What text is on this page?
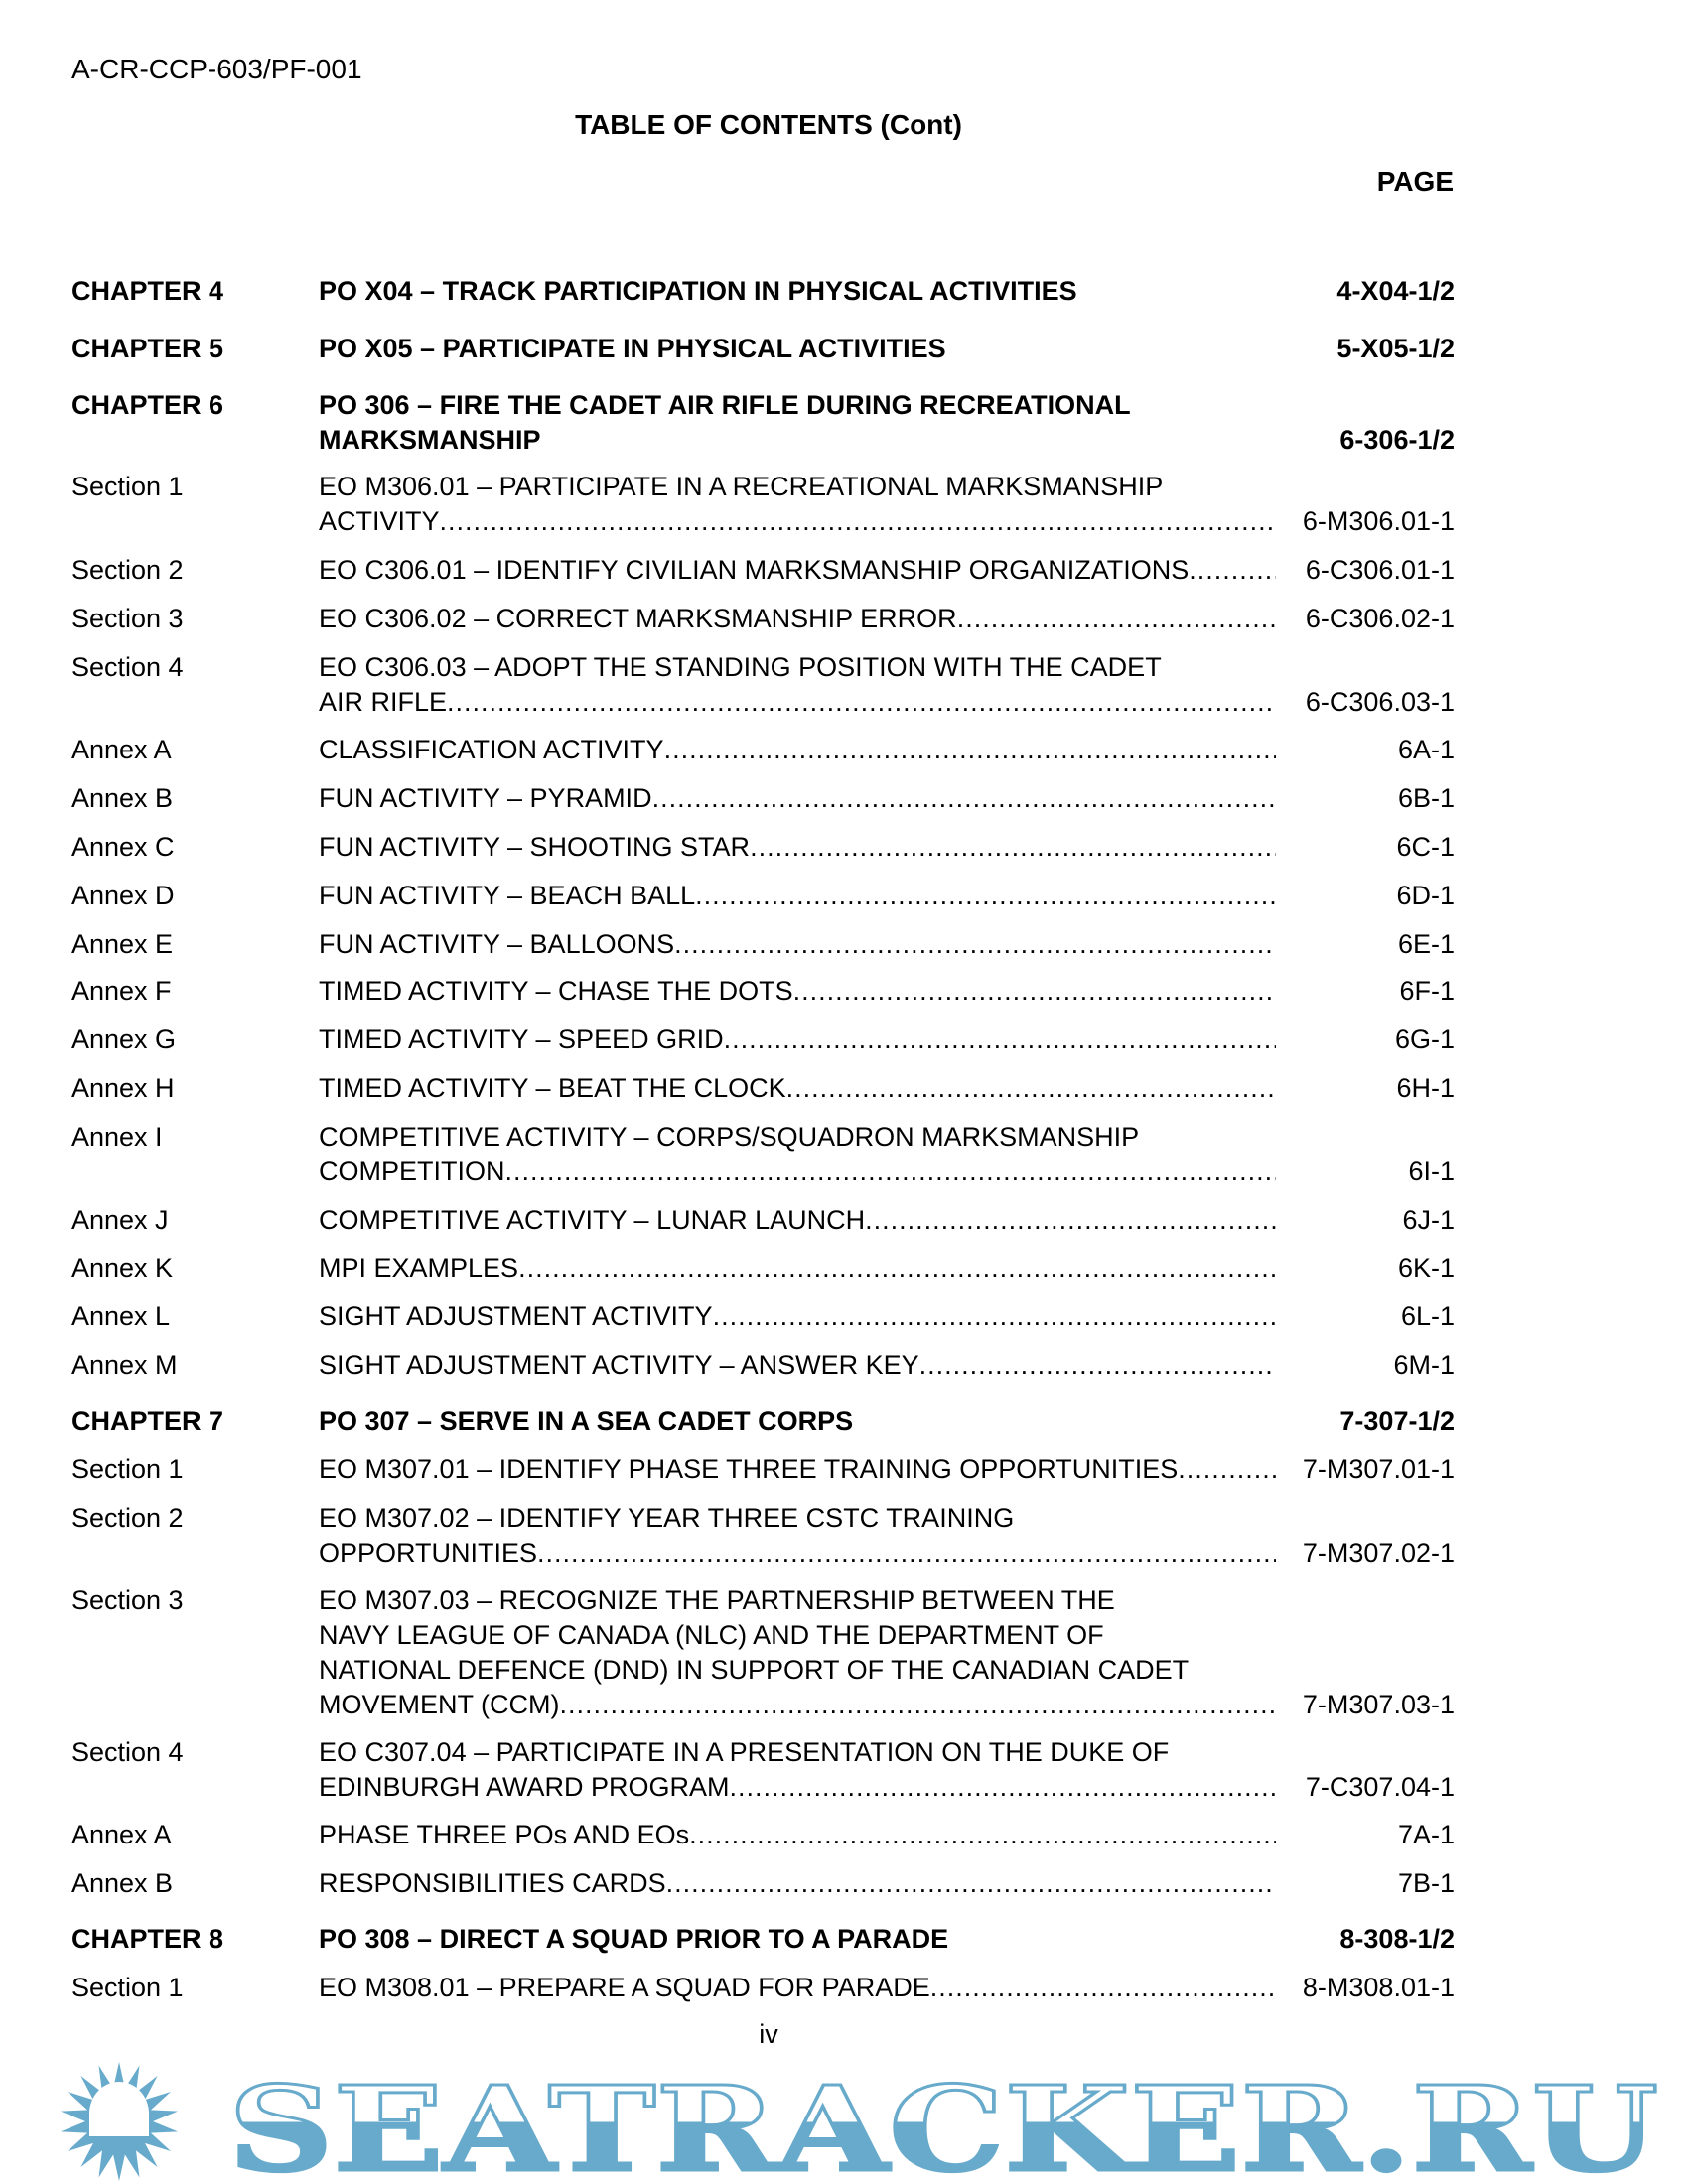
A-CR-CCP-603/PF-001
TABLE OF CONTENTS (Cont)
PAGE
CHAPTER 4	PO X04 – TRACK PARTICIPATION IN PHYSICAL ACTIVITIES	4-X04-1/2
CHAPTER 5	PO X05 – PARTICIPATE IN PHYSICAL ACTIVITIES	5-X05-1/2
CHAPTER 6	PO 306 – FIRE THE CADET AIR RIFLE DURING RECREATIONAL
MARKSMANSHIP	6-306-1/2
Section 1	EO M306.01 – PARTICIPATE IN A RECREATIONAL MARKSMANSHIP
ACTIVITY .....	6-M306.01-1
Section 2	EO C306.01 – IDENTIFY CIVILIAN MARKSMANSHIP ORGANIZATIONS .....	6-C306.01-1
Section 3	EO C306.02 – CORRECT MARKSMANSHIP ERROR .....	6-C306.02-1
Section 4	EO C306.03 – ADOPT THE STANDING POSITION WITH THE CADET
AIR RIFLE .....	6-C306.03-1
Annex A	CLASSIFICATION ACTIVITY .....	6A-1
Annex B	FUN ACTIVITY – PYRAMID .....	6B-1
Annex C	FUN ACTIVITY – SHOOTING STAR .....	6C-1
Annex D	FUN ACTIVITY – BEACH BALL .....	6D-1
Annex E	FUN ACTIVITY – BALLOONS .....	6E-1
Annex F	TIMED ACTIVITY – CHASE THE DOTS .....	6F-1
Annex G	TIMED ACTIVITY – SPEED GRID .....	6G-1
Annex H	TIMED ACTIVITY – BEAT THE CLOCK .....	6H-1
Annex I	COMPETITIVE ACTIVITY – CORPS/SQUADRON MARKSMANSHIP
COMPETITION .....	6I-1
Annex J	COMPETITIVE ACTIVITY – LUNAR LAUNCH .....	6J-1
Annex K	MPI EXAMPLES .....	6K-1
Annex L	SIGHT ADJUSTMENT ACTIVITY .....	6L-1
Annex M	SIGHT ADJUSTMENT ACTIVITY – ANSWER KEY .....	6M-1
CHAPTER 7	PO 307 – SERVE IN A SEA CADET CORPS	7-307-1/2
Section 1	EO M307.01 – IDENTIFY PHASE THREE TRAINING OPPORTUNITIES .....	7-M307.01-1
Section 2	EO M307.02 – IDENTIFY YEAR THREE CSTC TRAINING
OPPORTUNITIES .....	7-M307.02-1
Section 3	EO M307.03 – RECOGNIZE THE PARTNERSHIP BETWEEN THE
NAVY LEAGUE OF CANADA (NLC) AND THE DEPARTMENT OF
NATIONAL DEFENCE (DND) IN SUPPORT OF THE CANADIAN CADET
MOVEMENT (CCM) .....	7-M307.03-1
Section 4	EO C307.04 – PARTICIPATE IN A PRESENTATION ON THE DUKE OF
EDINBURGH AWARD PROGRAM .....	7-C307.04-1
Annex A	PHASE THREE POs AND EOs .....	7A-1
Annex B	RESPONSIBILITIES CARDS .....	7B-1
CHAPTER 8	PO 308 – DIRECT A SQUAD PRIOR TO A PARADE	8-308-1/2
Section 1	EO M308.01 – PREPARE A SQUAD FOR PARADE .....	8-M308.01-1
iv
SEATRACKER.RU
